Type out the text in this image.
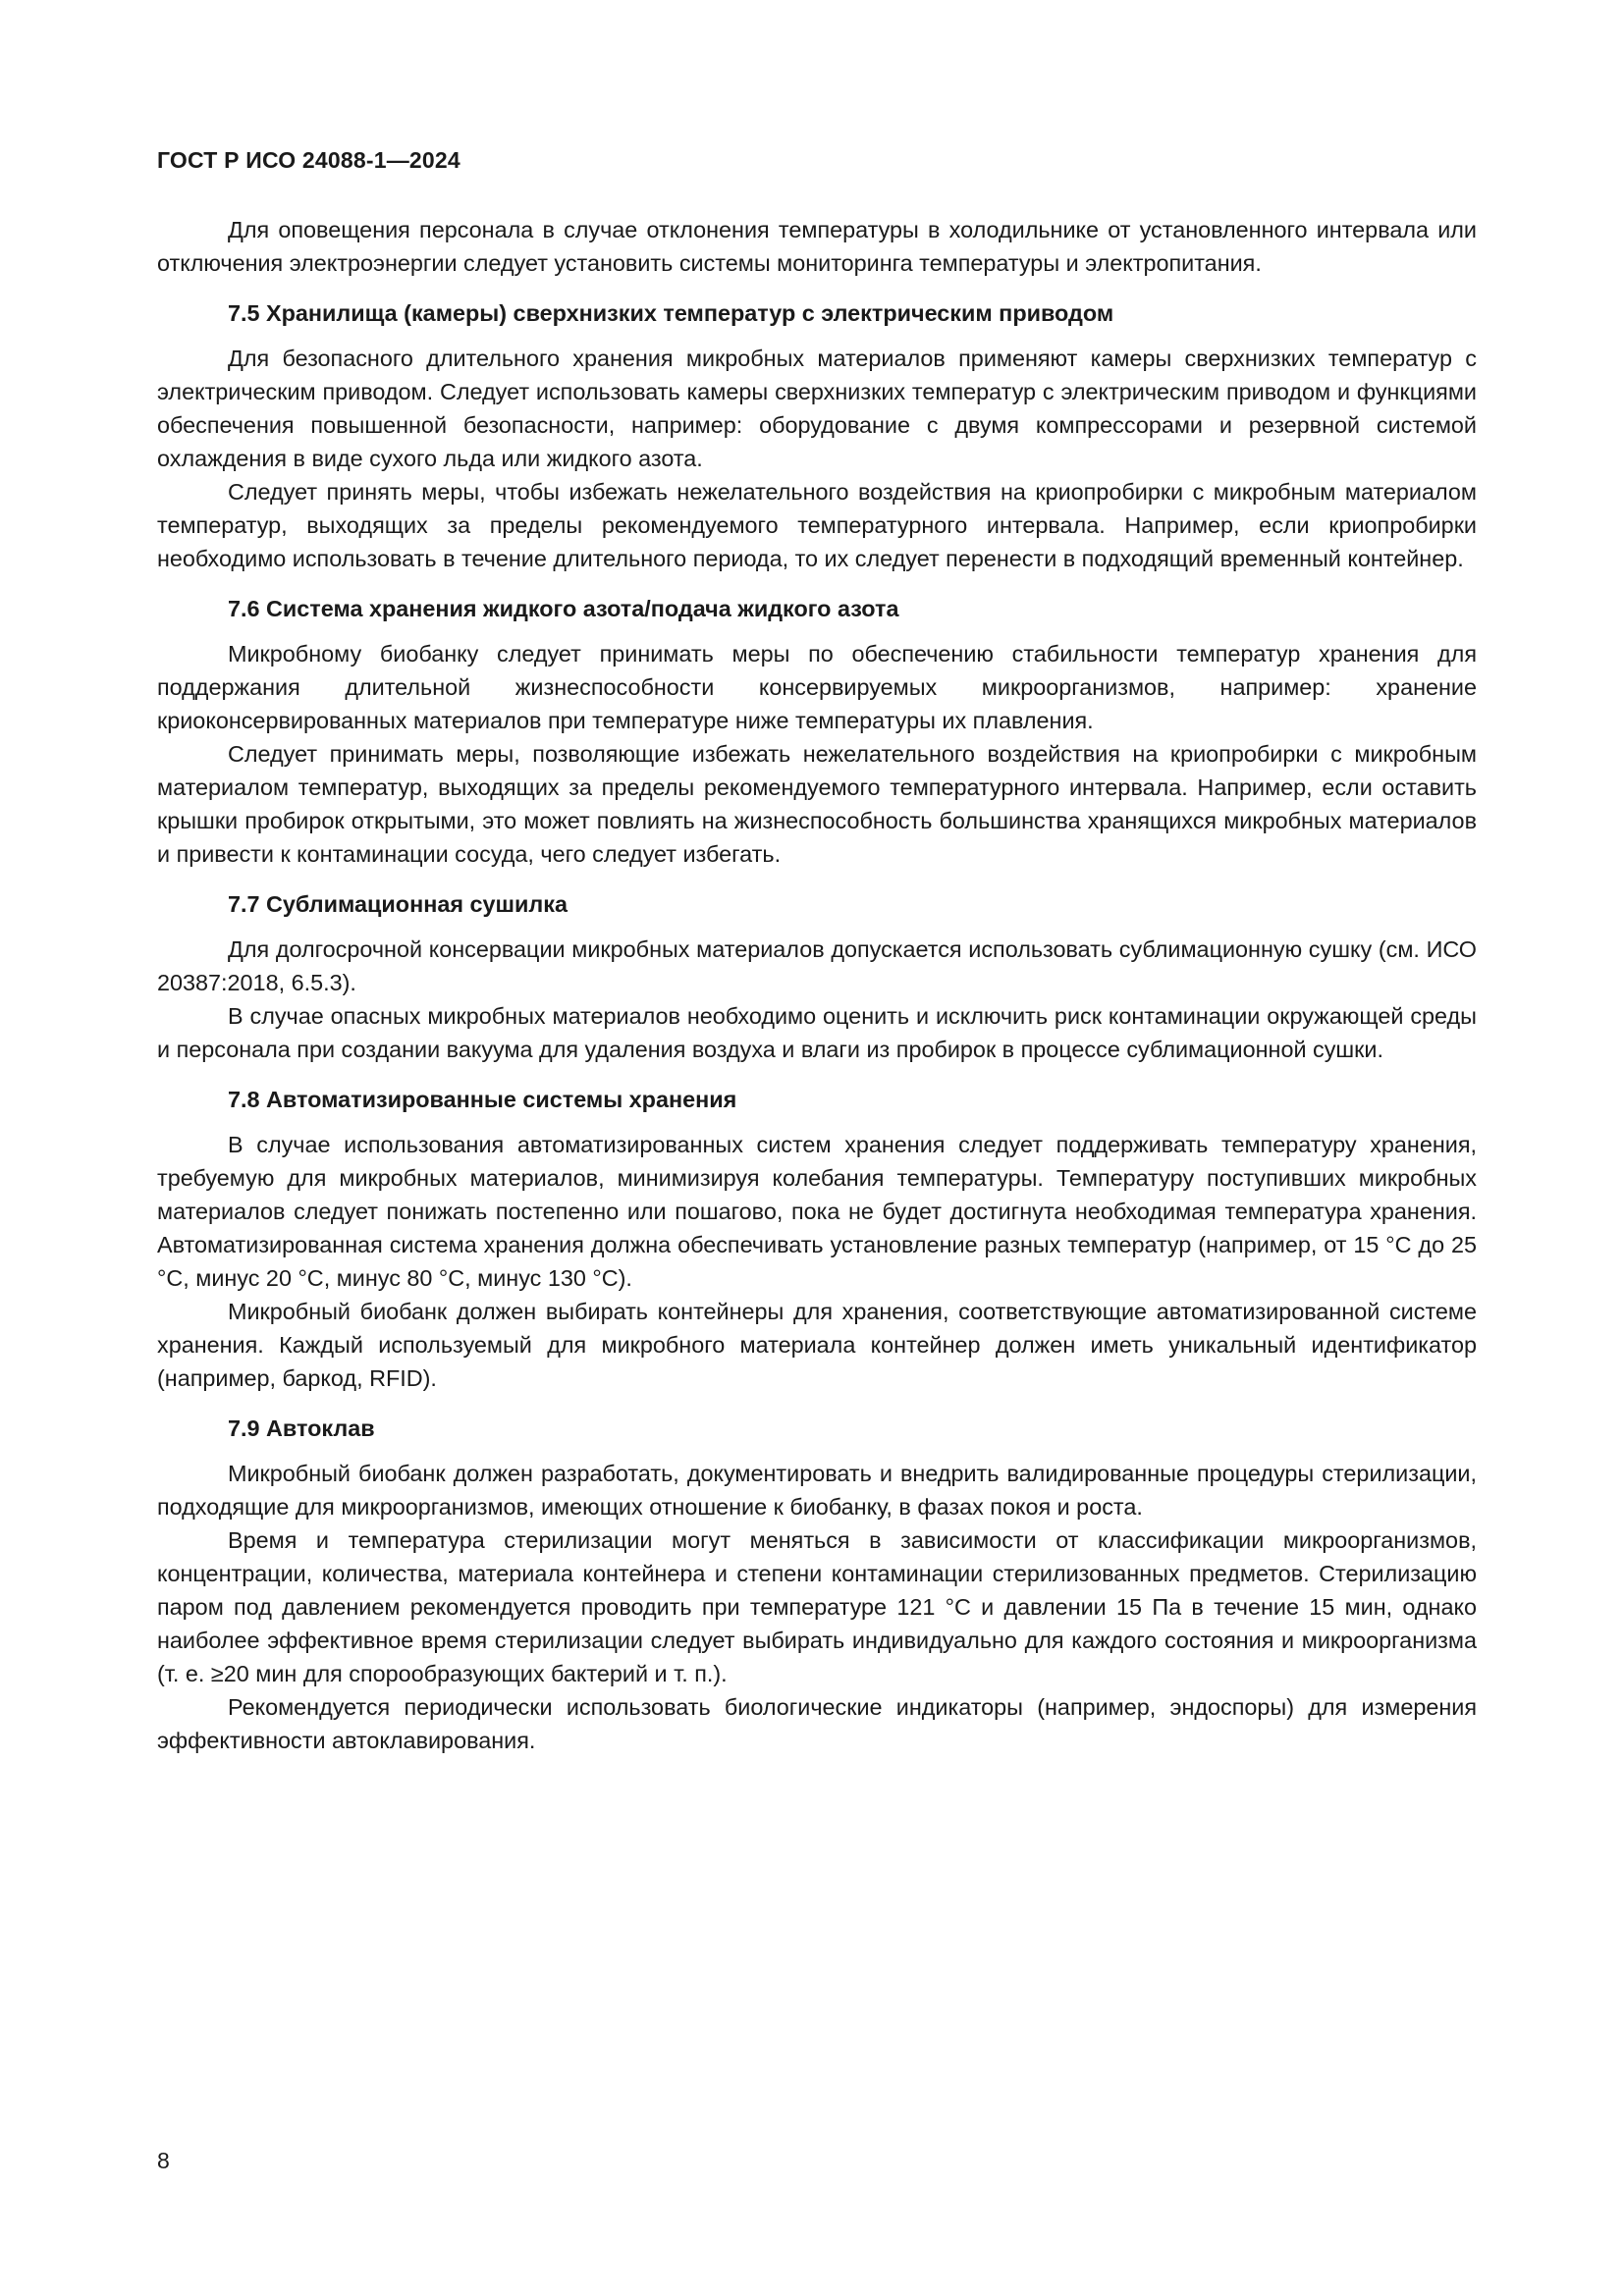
ГОСТ Р ИСО 24088-1—2024

Для оповещения персонала в случае отклонения температуры в холодильнике от установленного интервала или отключения электроэнергии следует установить системы мониторинга температуры и электропитания.

7.5 Хранилища (камеры) сверхнизких температур с электрическим приводом

Для безопасного длительного хранения микробных материалов применяют камеры сверхнизких температур с электрическим приводом. Следует использовать камеры сверхнизких температур с электрическим приводом и функциями обеспечения повышенной безопасности, например: оборудование с двумя компрессорами и резервной системой охлаждения в виде сухого льда или жидкого азота.

Следует принять меры, чтобы избежать нежелательного воздействия на криопробирки с микробным материалом температур, выходящих за пределы рекомендуемого температурного интервала. Например, если криопробирки необходимо использовать в течение длительного периода, то их следует перенести в подходящий временный контейнер.

7.6 Система хранения жидкого азота/подача жидкого азота

Микробному биобанку следует принимать меры по обеспечению стабильности температур хранения для поддержания длительной жизнеспособности консервируемых микроорганизмов, например: хранение криоконсервированных материалов при температуре ниже температуры их плавления.

Следует принимать меры, позволяющие избежать нежелательного воздействия на криопробирки с микробным материалом температур, выходящих за пределы рекомендуемого температурного интервала. Например, если оставить крышки пробирок открытыми, это может повлиять на жизнеспособность большинства хранящихся микробных материалов и привести к контаминации сосуда, чего следует избегать.

7.7 Сублимационная сушилка

Для долгосрочной консервации микробных материалов допускается использовать сублимационную сушку (см. ИСО 20387:2018, 6.5.3).

В случае опасных микробных материалов необходимо оценить и исключить риск контаминации окружающей среды и персонала при создании вакуума для удаления воздуха и влаги из пробирок в процессе сублимационной сушки.

7.8 Автоматизированные системы хранения

В случае использования автоматизированных систем хранения следует поддерживать температуру хранения, требуемую для микробных материалов, минимизируя колебания температуры. Температуру поступивших микробных материалов следует понижать постепенно или пошагово, пока не будет достигнута необходимая температура хранения. Автоматизированная система хранения должна обеспечивать установление разных температур (например, от 15 °С до 25 °С, минус 20 °С, минус 80 °С, минус 130 °С).

Микробный биобанк должен выбирать контейнеры для хранения, соответствующие автоматизированной системе хранения. Каждый используемый для микробного материала контейнер должен иметь уникальный идентификатор (например, баркод, RFID).

7.9 Автоклав

Микробный биобанк должен разработать, документировать и внедрить валидированные процедуры стерилизации, подходящие для микроорганизмов, имеющих отношение к биобанку, в фазах покоя и роста.

Время и температура стерилизации могут меняться в зависимости от классификации микроорганизмов, концентрации, количества, материала контейнера и степени контаминации стерилизованных предметов. Стерилизацию паром под давлением рекомендуется проводить при температуре 121 °С и давлении 15 Па в течение 15 мин, однако наиболее эффективное время стерилизации следует выбирать индивидуально для каждого состояния и микроорганизма (т. е. ≥20 мин для спорообразующих бактерий и т. п.).

Рекомендуется периодически использовать биологические индикаторы (например, эндоспоры) для измерения эффективности автоклавирования.

8
